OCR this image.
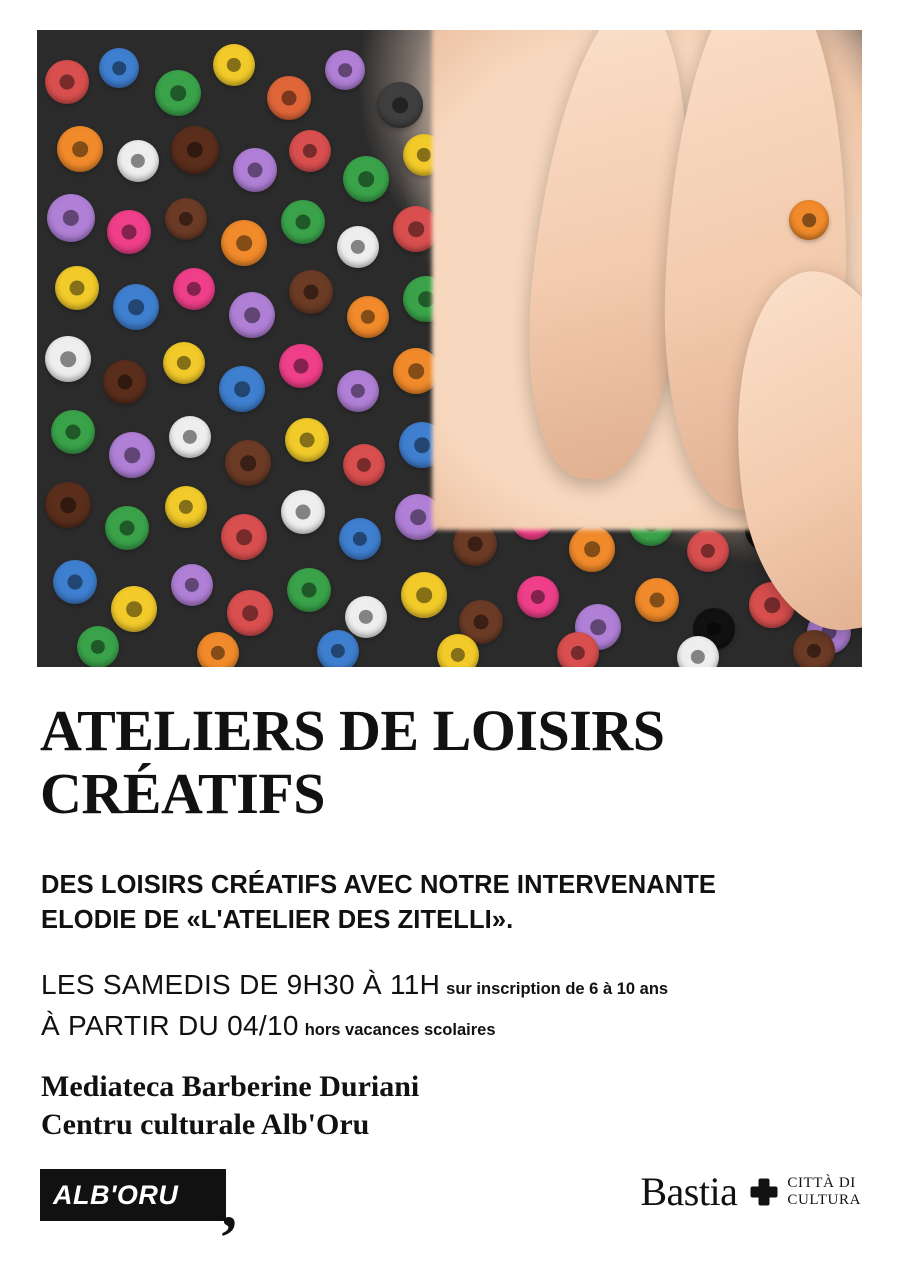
ATELIERS DE LOISIRS
CRÉATIFS
DES LOISIRS CRÉATIFS AVEC NOTRE INTERVENANTE
ELODIE DE «L'ATELIER DES ZITELLI».
LES SAMEDIS DE 9H30 À 11H sur inscription de 6 à 10 ans
À PARTIR DU 04/10 hors vacances scolaires
Mediateca Barberine Duriani
Centru culturale Alb'Oru
ALB'ORU ,	Bastia	CITTÀ DI
CULTURA
